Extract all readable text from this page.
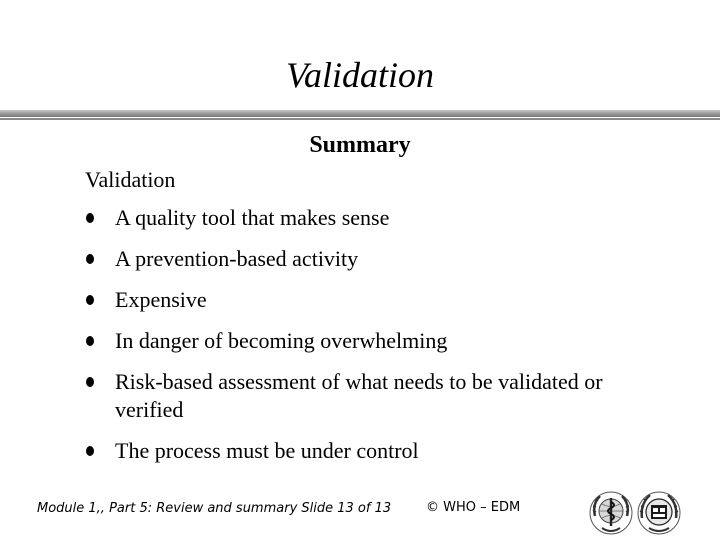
Validation
Summary
Validation
A quality tool that makes sense
A prevention-based activity
Expensive
In danger of becoming overwhelming
Risk-based assessment of what needs to be validated or verified
The process must be under control
Module 1,, Part 5: Review and summary Slide 13 of 13	© WHO – EDM
